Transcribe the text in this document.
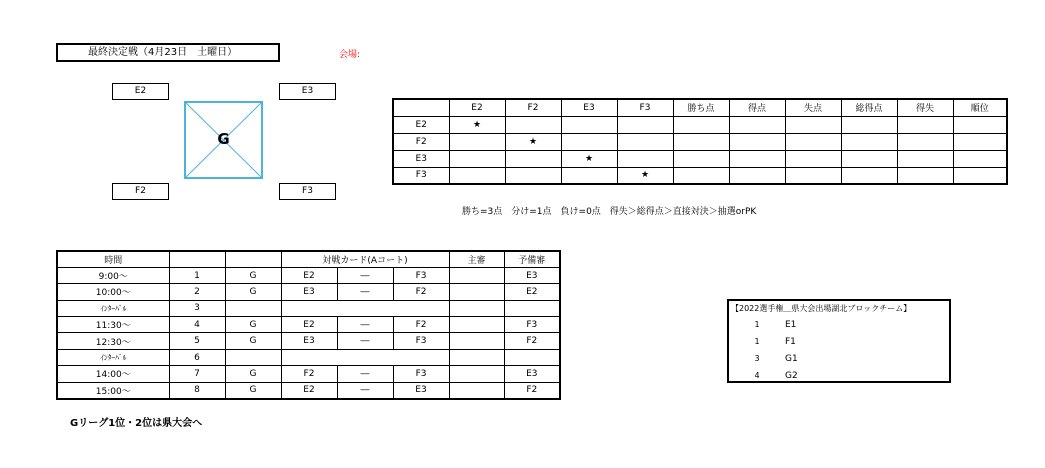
最終決定戦（4月23日　土曜日）	会場:
E2	E3
F2	F3
G
	E2	F2	E3	F3	勝ち点	得点	失点	総得点	得失	順位
E2	★									
F2		★								
E3			★							
F3				★						
勝ち=3点　分け=1点　負け=0点　得失＞総得点＞直接対決＞抽選orPK
時間			対戦カード(Aコート)			主審	予備審
9:00～	1	G	E2	―	F3		E3
10:00～	2	G	E3	―	F2		E2
ｲﾝﾀｰﾊﾞﾙ	3						
11:30～	4	G	E2	―	F2		F3
12:30～	5	G	E3	―	F3		F2
ｲﾝﾀｰﾊﾞﾙ	6						
14:00～	7	G	F2	―	F3		E3
15:00～	8	G	E2	―	E3		F2
Gリーグ1位・2位は県大会へ
【2022選手権＿県大会出場湖北ブロックチーム】
1	E1
1	F1
3	G1
4	G2
